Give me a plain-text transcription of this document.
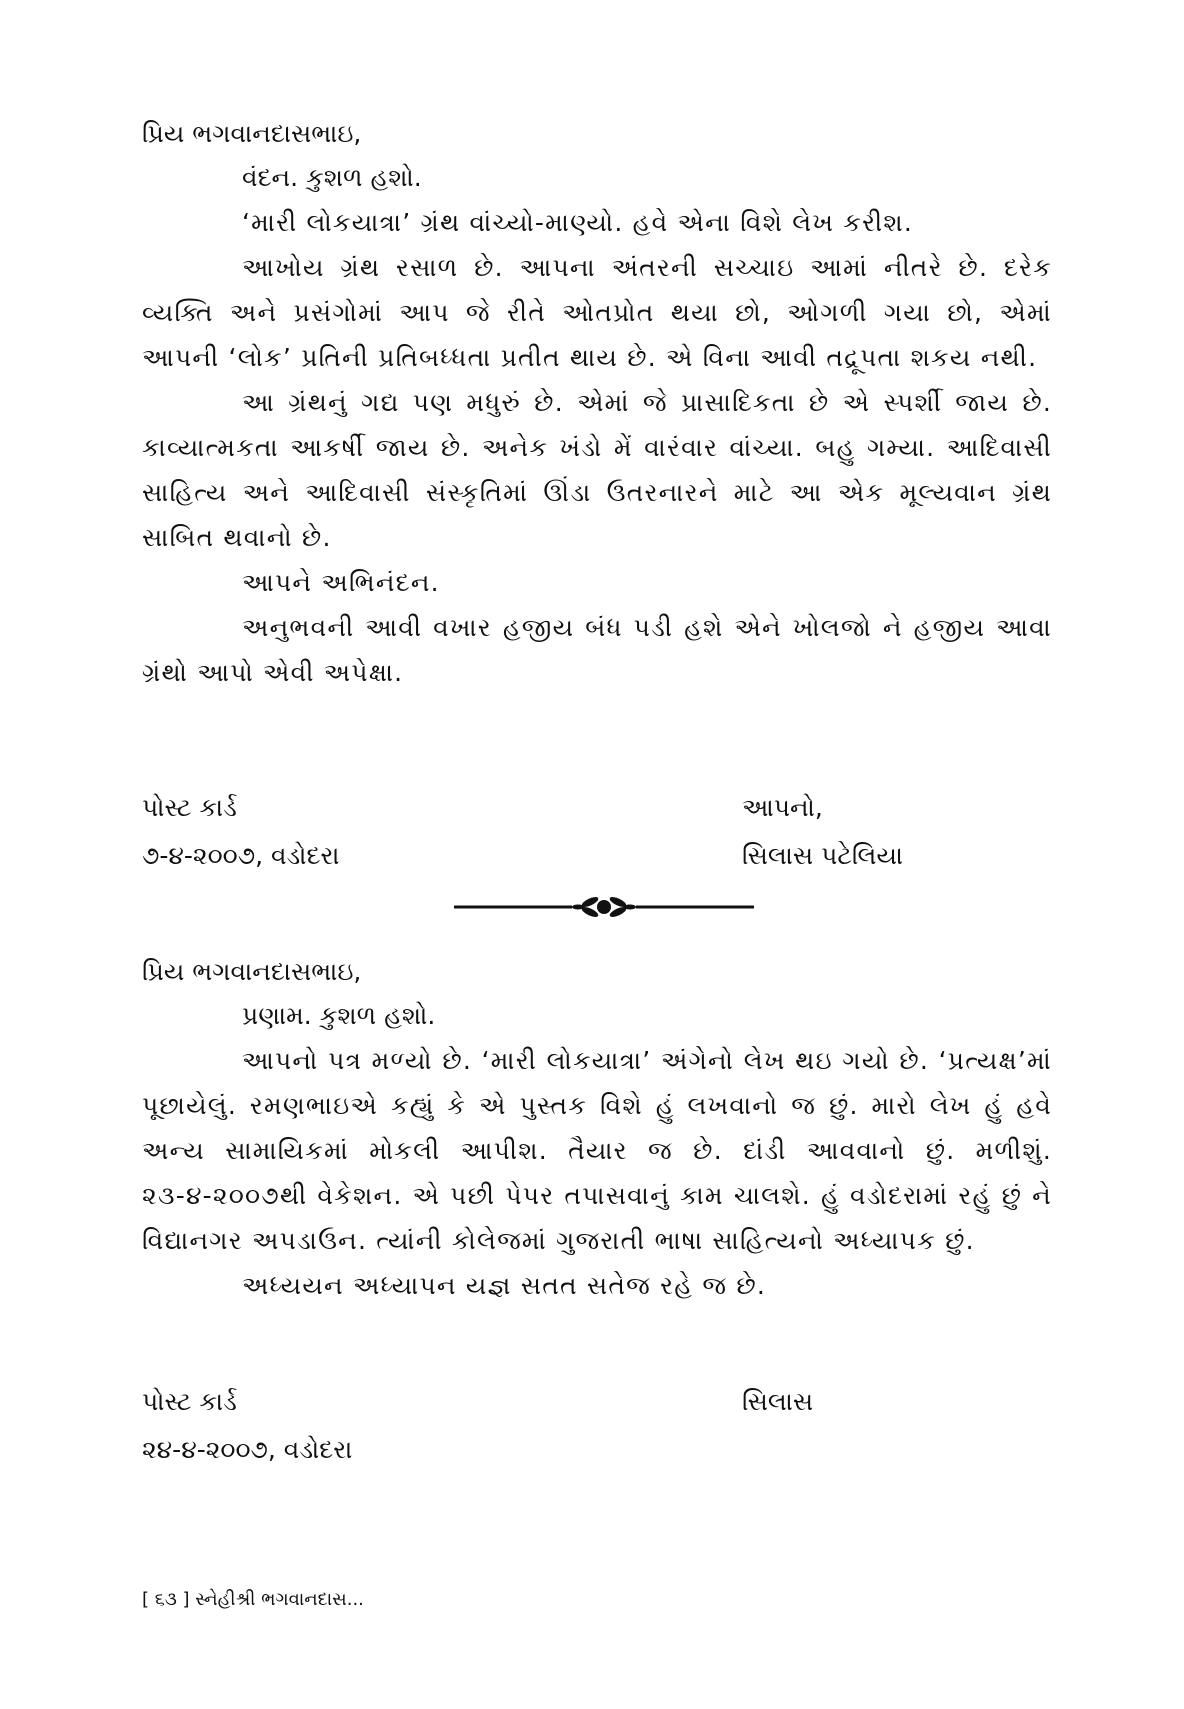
પ્રિય ભગવાનદાસભાઇ,

વંદન. કુશળ હશો.

‘મારી લોકયાત્રા’ ગ્રંથ વાંચ્યો-માણ્યો. હવે એના વિશે લેખ કરીશ.

આખોય ગ્રંથ રસાળ છે. આપના અંતરની સચ્ચાઇ આમાં નીતરે છે. દરેક વ્યક્તિ અને પ્રસંગોમાં આપ જે રીતે ઓતપ્રોત થયા છો, ઓગળી ગયા છો, એમાં આપની ‘લોક’ પ્રતિની પ્રતિબધ્ધતા પ્રતીત થાય છે. એ વિના આવી તદ્રૂપતા શકય નથી.

આ ગ્રંથનું ગદ્ય પણ મધુરું છે. એમાં જે પ્રાસાદિકતા છે એ સ્પર્શી જાય છે. કાવ્યાત્મકતા આકર્ષી જાય છે. અનેક ખંડો મેં વારંવાર વાંચ્યા. બહુ ગમ્યા. આદિવાસી સાહિત્ય અને આદિવાસી સંસ્કૃતિમાં ઊંડા ઉતરનારને માટે આ એક મૂલ્યવાન ગ્રંથ સાબિત થવાનો છે.

આપને અભિનંદન.

અનુભવની આવી વખાર હજીય બંધ પડી હશે એને ખોલજો ને હજીય આવા ગ્રંથો આપો એવી અપેક્ષા.

પોસ્ટ કાર્ડ
૭-૪-૨૦૦૭, વડોદરા
આપનો,
સિલાસ પટેલિયા

પ્રિય ભગવાનદાસભાઇ,

પ્રણામ. કુશળ હશો.

આપનો પત્ર મળ્યો છે. ‘મારી લોકયાત્રા’ અંગેનો લેખ થઇ ગયો છે. ‘પ્રત્યક્ષ’માં પૂછાયેલું. રમણભાઇએ કહ્યું કે એ પુસ્તક વિશે હું લખવાનો જ છું. મારો લેખ હું હવે અન્ય સામાયિકમાં મોકલી આપીશ. તૈયાર જ છે. દાંડી આવવાનો છું. મળીશું. ૨૩-૪-૨૦૦૭થી વેકેશન. એ પછી પેપર તપાસવાનું કામ ચાલશે. હું વડોદરામાં રહું છું ને વિદ્યાનગર અપડાઉન. ત્યાંની કોલેજમાં ગુજરાતી ભાષા સાહિત્યનો અધ્યાપક છું.

અધ્યયન અધ્યાપન યજ્ઞ સતત સતેજ રહે જ છે.

પોસ્ટ કાર્ડ
૨૪-૪-૨૦૦૭, વડોદરા
સિલાસ
[ ૬૩ ] સ્નેહીશ્રી ભગવાનદાસ...
